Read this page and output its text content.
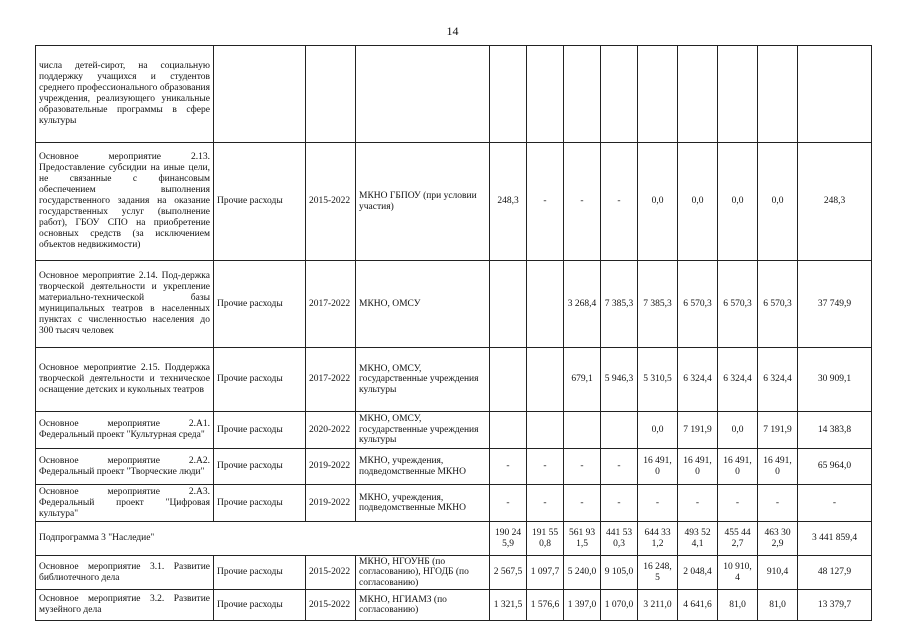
14
числа детей-сирот, на социальную поддержку учащихся и студентов среднего профессионального образования учреждения, реализующего уникальные образовательные программы в сфере культуры												
Основное мероприятие 2.13. Предоставление субсидии на иные цели, не связанные с финансовым обеспечением выполнения государственного задания на оказание государственных услуг (выполнение работ), ГБОУ СПО на приобретение основных средств (за исключением объектов недвижимости)	Прочие расходы	2015-2022	МКНО ГБПОУ (при условии участия)	248,3	-	-	-	0,0	0,0	0,0	0,0	248,3
Основное мероприятие 2.14. Под-держка творческой деятельности и укрепление материально-технической базы муниципальных театров в населенных пунктах с численностью населения до 300 тысяч человек	Прочие расходы	2017-2022	МКНО, ОМСУ			3 268,4	7 385,3	7 385,3	6 570,3	6 570,3	6 570,3	37 749,9
Основное мероприятие 2.15. Поддержка творческой деятельности и техническое оснащение детских и кукольных театров	Прочие расходы	2017-2022	МКНО, ОМСУ, государственные учреждения культуры			679,1	5 946,3	5 310,5	6 324,4	6 324,4	6 324,4	30 909,1
Основное мероприятие 2.А1. Федеральный проект "Культурная среда"	Прочие расходы	2020-2022	МКНО, ОМСУ, государственные учреждения культуры					0,0	7 191,9	0,0	7 191,9	14 383,8
Основное мероприятие 2.А2. Федеральный проект "Творческие люди"	Прочие расходы	2019-2022	МКНО, учреждения, подведомственные МКНО	-	-	-	-	16 491,0	16 491,0	16 491,0	16 491,0	65 964,0
Основное мероприятие 2.А3. Федеральный проект "Цифровая культура"	Прочие расходы	2019-2022	МКНО, учреждения, подведомственные МКНО	-	-	-	-	-	-	-	-	-
Подпрограмма 3 "Наследие"				190 245,9	191 550,8	561 931,5	441 530,3	644 331,2	493 524,1	455 442,7	463 302,9	3 441 859,4
Основное мероприятие 3.1. Развитие библиотечного дела	Прочие расходы	2015-2022	МКНО, НГОУНБ (по согласованию), НГОДБ (по согласованию)	2 567,5	1 097,7	5 240,0	9 105,0	16 248,5	2 048,4	10 910,4	910,4	48 127,9
Основное мероприятие 3.2. Развитие музейного дела	Прочие расходы	2015-2022	МКНО, НГИАМЗ (по согласованию)	1 321,5	1 576,6	1 397,0	1 070,0	3 211,0	4 641,6	81,0	81,0	13 379,7
